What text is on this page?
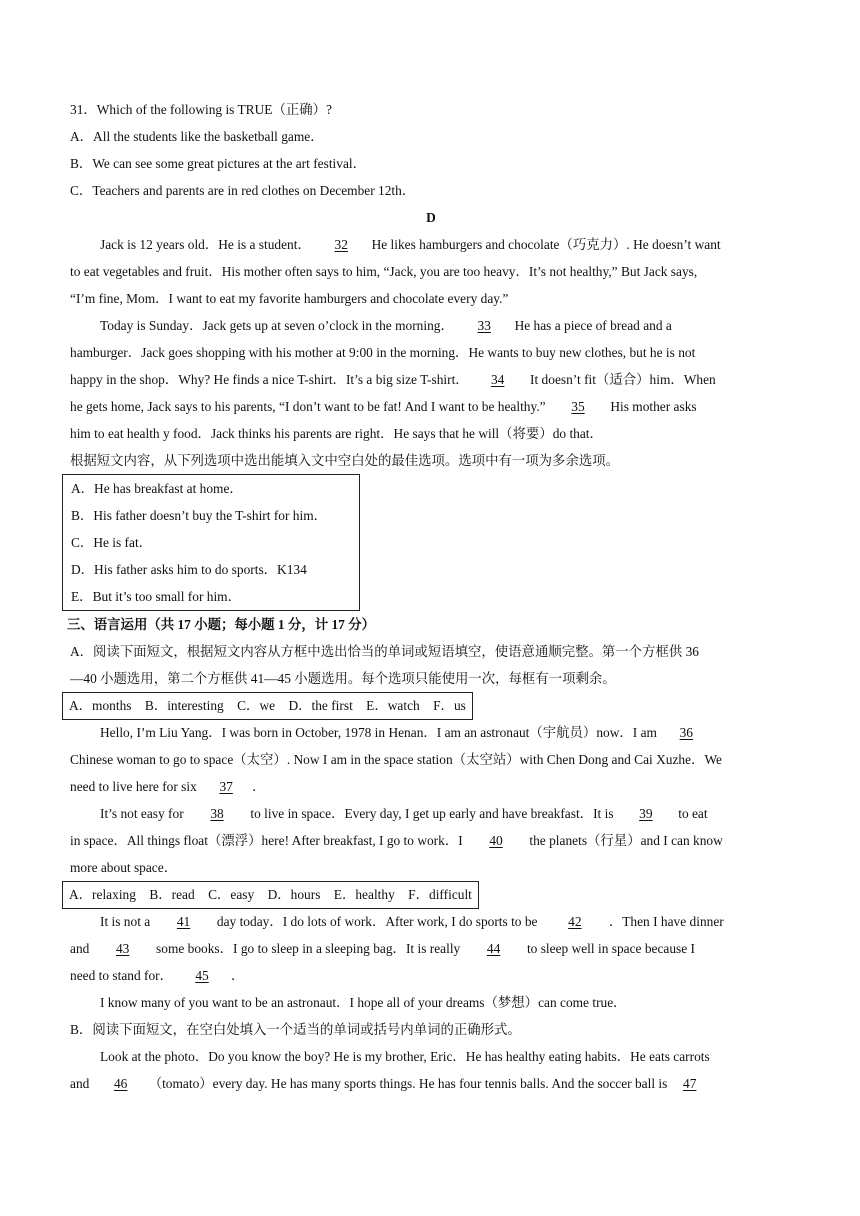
31．Which of the following is TRUE（正确）?
A．All the students like the basketball game．
B．We can see some great pictures at the art festival．
C．Teachers and parents are in red clothes on December 12th．
D
Jack is 12 years old．He is a student． 32 He likes hamburgers and chocolate（巧克力）. He doesn’t want
to eat vegetables and fruit．His mother often says to him, “Jack, you are too heavy．It’s not healthy,” But Jack says,
“I’m fine, Mom．I want to eat my favorite hamburgers and chocolate every day.”
Today is Sunday．Jack gets up at seven o’clock in the morning． 33 He has a piece of bread and a
hamburger．Jack goes shopping with his mother at 9:00 in the morning．He wants to buy new clothes, but he is not
happy in the shop．Why? He finds a nice T-shirt．It’s a big size T-shirt． 34 It doesn’t fit（适合）him．When
he gets home, Jack says to his parents, “I don’t want to be fat! And I want to be healthy.” 35 His mother asks
him to eat health y food．Jack thinks his parents are right．He says that he will（将要）do that．
根据短文内容，从下列选项中选出能填入文中空白处的最佳选项。选项中有一项为多余选项。
A．He has breakfast at home．
B．His father doesn’t buy the T-shirt for him．
C．He is fat．
D．His father asks him to do sports．K134
E．But it’s too small for him．
三、语言运用（共 17 小题；每小题 1 分，计 17 分）
A．阅读下面短文，根据短文内容从方框中选出恰当的单词或短语填空，使语意通顺完整。第一个方框供 36
—40 小题选用，第二个方框供 41—45 小题选用。每个选项只能使用一次，每框有一项剩余。
A．months　B．interesting　C．we　D．the first　E．watch　F．us
Hello, I’m Liu Yang．I was born in October, 1978 in Henan．I am an astronaut（宇航员）now．I am 36
Chinese woman to go to space（太空）. Now I am in the space station（太空站）with Chen Dong and Cai Xuzhe．We
need to live here for six 37 ．
It’s not easy for 38 to live in space．Every day, I get up early and have breakfast．It is 39 to eat
in space．All things float（漂浮）here! After breakfast, I go to work．I 40 the planets（行星）and I can know
more about space．
A．relaxing　B．read　C．easy　D．hours　E．healthy　F．difficult
It is not a 41 day today．I do lots of work．After work, I do sports to be 42 ．Then I have dinner
and 43 some books．I go to sleep in a sleeping bag．It is really 44 to sleep well in space because I
need to stand for． 45 ．
I know many of you want to be an astronaut．I hope all of your dreams（梦想）can come true．
B．阅读下面短文，在空白处填入一个适当的单词或括号内单词的正确形式。
Look at the photo．Do you know the boy? He is my brother, Eric．He has healthy eating habits．He eats carrots
and 46 （tomato）every day. He has many sports things. He has four tennis balls. And the soccer ball is 47
